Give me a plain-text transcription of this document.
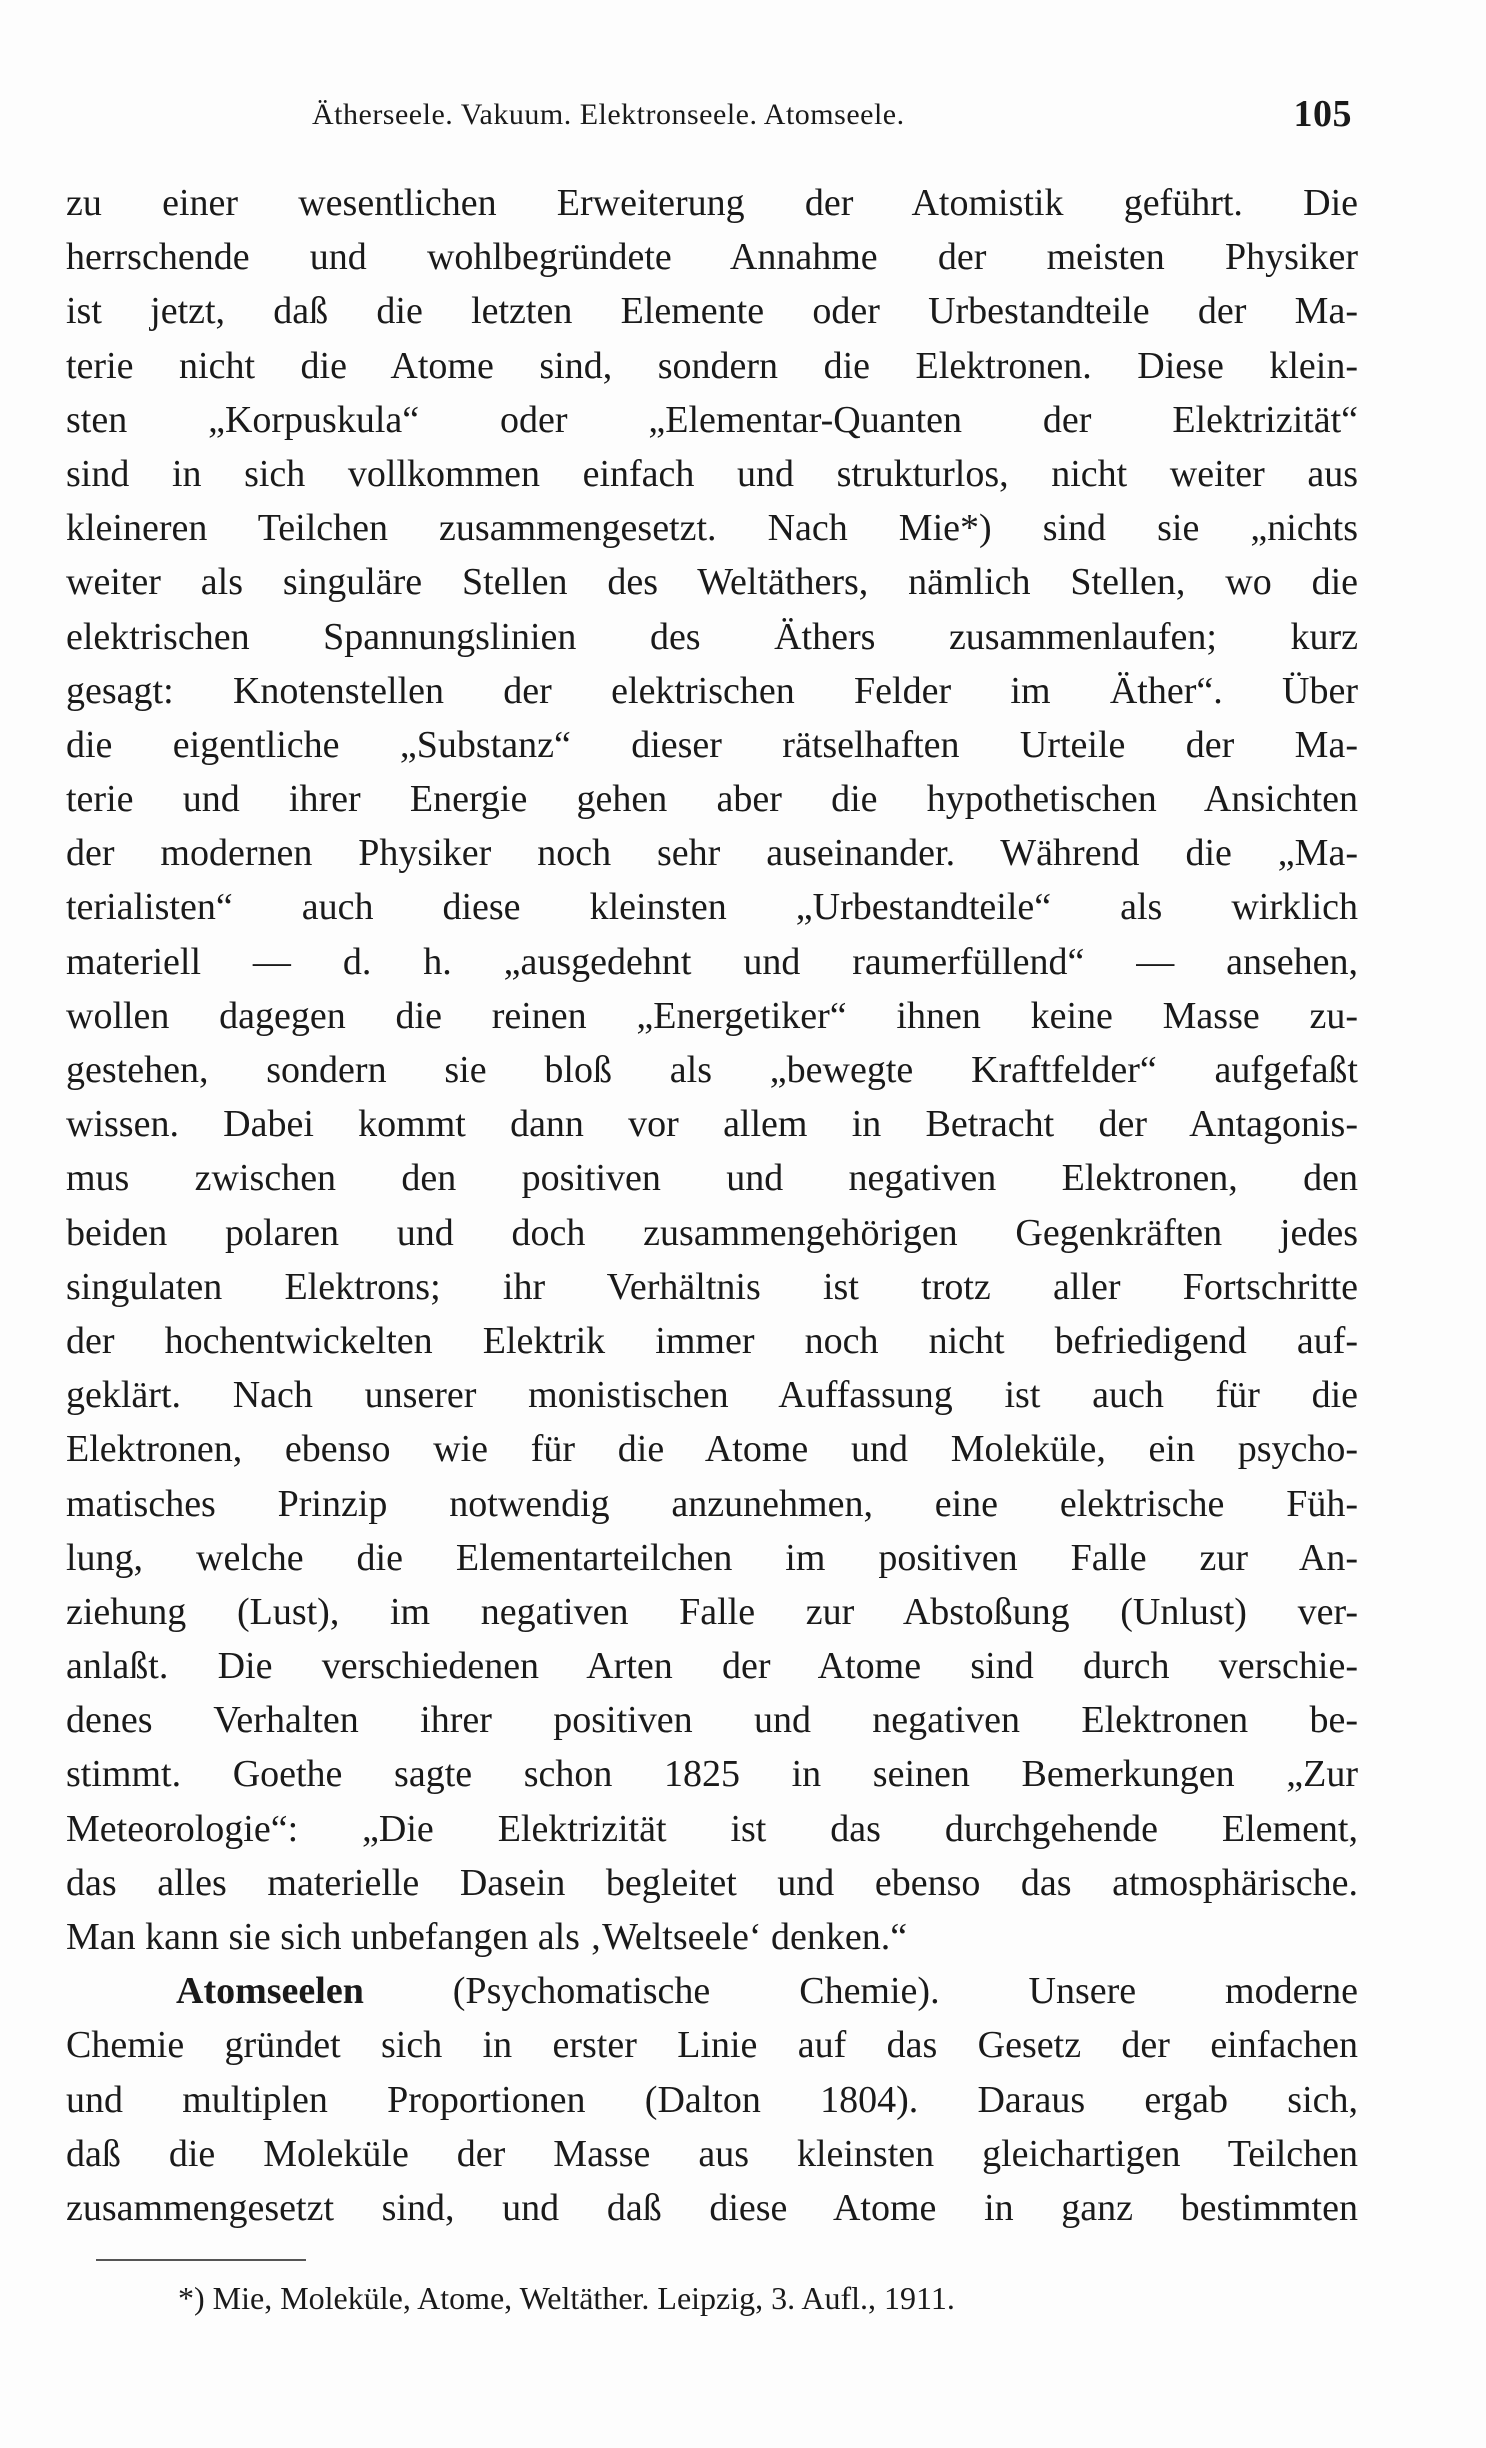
Ätherseele. Vakuum. Elektronseele. Atomseele.	105
zu einer wesentlichen Erweiterung der Atomistik geführt. Die
herrschende und wohlbegründete Annahme der meisten Physiker
ist jetzt, daß die letzten Elemente oder Urbestandteile der Ma-
terie nicht die Atome sind, sondern die Elektronen. Diese klein-
sten „Korpuskula“ oder „Elementar-Quanten der Elektrizität“
sind in sich vollkommen einfach und strukturlos, nicht weiter aus
kleineren Teilchen zusammengesetzt. Nach Mie*) sind sie „nichts
weiter als singuläre Stellen des Weltäthers, nämlich Stellen, wo die
elektrischen Spannungslinien des Äthers zusammenlaufen; kurz
gesagt: Knotenstellen der elektrischen Felder im Äther“. Über
die eigentliche „Substanz“ dieser rätselhaften Urteile der Ma-
terie und ihrer Energie gehen aber die hypothetischen Ansichten
der modernen Physiker noch sehr auseinander. Während die „Ma-
terialisten“ auch diese kleinsten „Urbestandteile“ als wirklich
materiell — d. h. „ausgedehnt und raumerfüllend“ — ansehen,
wollen dagegen die reinen „Energetiker“ ihnen keine Masse zu-
gestehen, sondern sie bloß als „bewegte Kraftfelder“ aufgefaßt
wissen. Dabei kommt dann vor allem in Betracht der Antagonis-
mus zwischen den positiven und negativen Elektronen, den
beiden polaren und doch zusammengehörigen Gegenkräften jedes
singulaten Elektrons; ihr Verhältnis ist trotz aller Fortschritte
der hochentwickelten Elektrik immer noch nicht befriedigend auf-
geklärt. Nach unserer monistischen Auffassung ist auch für die
Elektronen, ebenso wie für die Atome und Moleküle, ein psycho-
matisches Prinzip notwendig anzunehmen, eine elektrische Füh-
lung, welche die Elementarteilchen im positiven Falle zur An-
ziehung (Lust), im negativen Falle zur Abstoßung (Unlust) ver-
anlaßt. Die verschiedenen Arten der Atome sind durch verschie-
denes Verhalten ihrer positiven und negativen Elektronen be-
stimmt. Goethe sagte schon 1825 in seinen Bemerkungen „Zur
Meteorologie“: „Die Elektrizität ist das durchgehende Element,
das alles materielle Dasein begleitet und ebenso das atmosphärische.
Man kann sie sich unbefangen als ‚Weltseele‘ denken.“
Atomseelen (Psychomatische Chemie). Unsere moderne
Chemie gründet sich in erster Linie auf das Gesetz der einfachen
und multiplen Proportionen (Dalton 1804). Daraus ergab sich,
daß die Moleküle der Masse aus kleinsten gleichartigen Teilchen
zusammengesetzt sind, und daß diese Atome in ganz bestimmten
*) Mie, Moleküle, Atome, Weltäther. Leipzig, 3. Aufl., 1911.
